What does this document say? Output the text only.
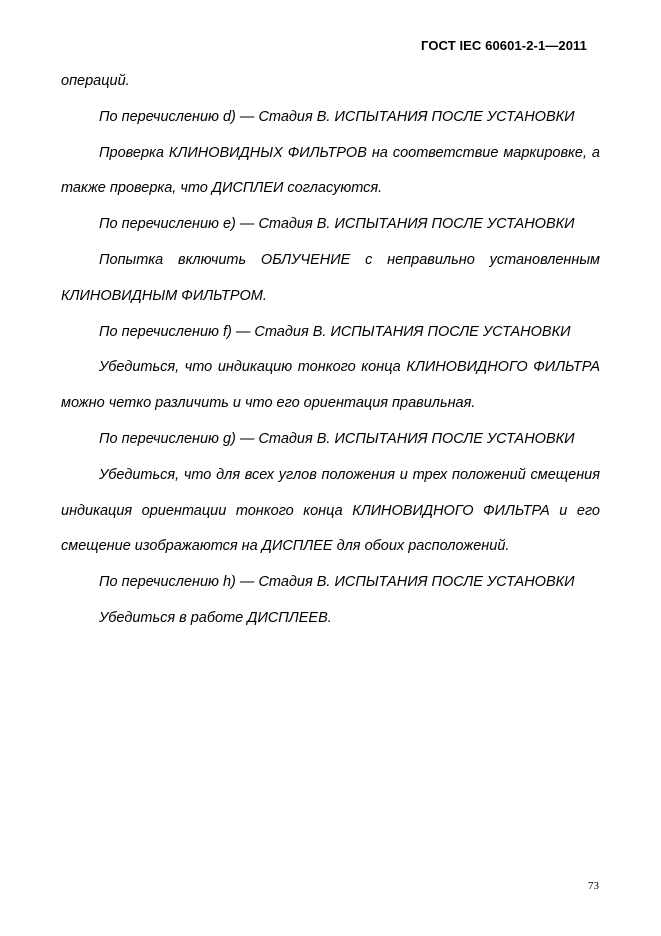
ГОСТ IEC 60601-2-1—2011

операций.

По перечислению d) — Стадия В. ИСПЫТАНИЯ ПОСЛЕ УСТАНОВКИ

Проверка КЛИНОВИДНЫХ ФИЛЬТРОВ на соответствие маркировке, а также проверка, что ДИСПЛЕИ согласуются.

По перечислению е) — Стадия В. ИСПЫТАНИЯ ПОСЛЕ УСТАНОВКИ

Попытка включить ОБЛУЧЕНИЕ с неправильно установленным КЛИНОВИДНЫМ ФИЛЬТРОМ.

По перечислению f) — Стадия В. ИСПЫТАНИЯ ПОСЛЕ УСТАНОВКИ

Убедиться, что индикацию тонкого конца КЛИНОВИДНОГО ФИЛЬТРА можно четко различить и что его ориентация правильная.

По перечислению g) — Стадия В. ИСПЫТАНИЯ ПОСЛЕ УСТАНОВКИ

Убедиться, что для всех углов положения и трех положений смещения индикация ориентации тонкого конца КЛИНОВИДНОГО ФИЛЬТРА и его смещение изображаются на ДИСПЛЕЕ для обоих расположений.

По перечислению h) — Стадия В. ИСПЫТАНИЯ ПОСЛЕ УСТАНОВКИ

Убедиться в работе ДИСПЛЕЕВ.

73
